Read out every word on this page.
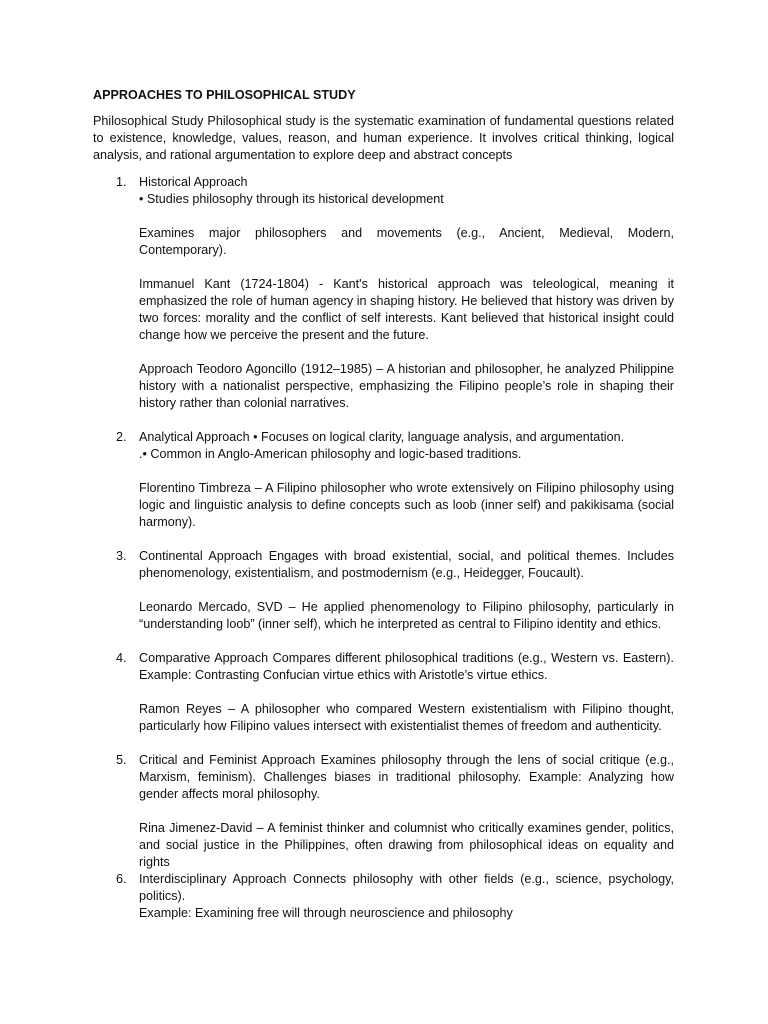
APPROACHES TO PHILOSOPHICAL STUDY

Philosophical Study Philosophical study is the systematic examination of fundamental questions related to existence, knowledge, values, reason, and human experience. It involves critical thinking, logical analysis, and rational argumentation to explore deep and abstract concepts

1. Historical Approach

• Studies philosophy through its historical development

Examines major philosophers and movements (e.g., Ancient, Medieval, Modern, Contemporary).

Immanuel Kant (1724-1804) - Kant's historical approach was teleological, meaning it emphasized the role of human agency in shaping history. He believed that history was driven by two forces: morality and the conflict of self interests. Kant believed that historical insight could change how we perceive the present and the future.

Approach Teodoro Agoncillo (1912–1985) – A historian and philosopher, he analyzed Philippine history with a nationalist perspective, emphasizing the Filipino people’s role in shaping their history rather than colonial narratives.

2. Analytical Approach • Focuses on logical clarity, language analysis, and argumentation.

.• Common in Anglo-American philosophy and logic-based traditions.

Florentino Timbreza – A Filipino philosopher who wrote extensively on Filipino philosophy using logic and linguistic analysis to define concepts such as loob (inner self) and pakikisama (social harmony).

3. Continental Approach Engages with broad existential, social, and political themes. Includes phenomenology, existentialism, and postmodernism (e.g., Heidegger, Foucault).

Leonardo Mercado, SVD – He applied phenomenology to Filipino philosophy, particularly in “understanding loob” (inner self), which he interpreted as central to Filipino identity and ethics.

4. Comparative Approach Compares different philosophical traditions (e.g., Western vs. Eastern). Example: Contrasting Confucian virtue ethics with Aristotle’s virtue ethics.

Ramon Reyes – A philosopher who compared Western existentialism with Filipino thought, particularly how Filipino values intersect with existentialist themes of freedom and authenticity.

5. Critical and Feminist Approach Examines philosophy through the lens of social critique (e.g., Marxism, feminism). Challenges biases in traditional philosophy. Example: Analyzing how gender affects moral philosophy.

Rina Jimenez-David – A feminist thinker and columnist who critically examines gender, politics, and social justice in the Philippines, often drawing from philosophical ideas on equality and rights

6. Interdisciplinary Approach Connects philosophy with other fields (e.g., science, psychology, politics).

Example: Examining free will through neuroscience and philosophy
